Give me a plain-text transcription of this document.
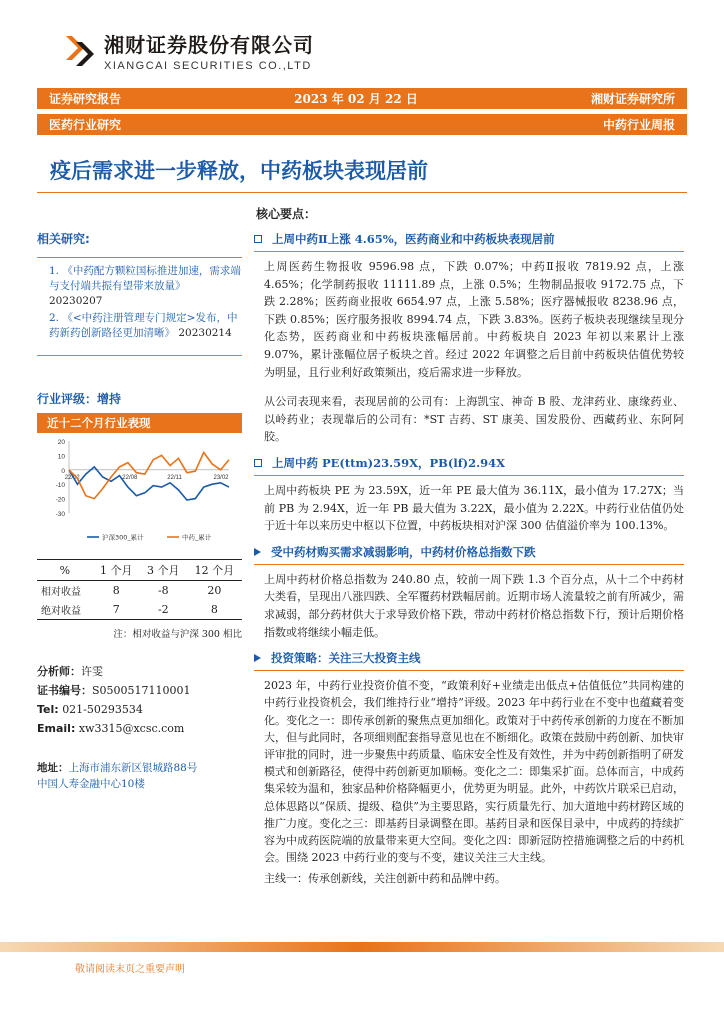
湘财证券股份有限公司
XIANGCAI SECURITIES CO.,LTD
证券研究报告	2023 年 02 月 22 日	湘财证券研究所
医药行业研究	中药行业周报
疫后需求进一步释放，中药板块表现居前
相关研究:
1. 《中药配方颗粒国标推进加速，需求端与支付端共振有望带来放量》 20230207
2. 《<中药注册管理专门规定>发布，中药新药创新路径更加清晰》 20230214
行业评级：增持
近十二个月行业表现
20
10
0
-10
-20
-30
22/02	22/08	22/11	23/02
沪深300_累计	中药_累计
%	1 个月	3 个月	12 个月
相对收益	8	-8	20
绝对收益	7	-2	8
注：相对收益与沪深 300 相比
分析师：许雯
证书编号：S0500517110001
Tel: 021-50293534
Email: xw3315@xcsc.com
地址：上海市浦东新区银城路88号
中国人寿金融中心10楼
核心要点：
上周中药Ⅱ上涨 4.65%，医药商业和中药板块表现居前
上周医药生物报收 9596.98 点，下跌 0.07%；中药Ⅱ报收 7819.92 点，上涨 4.65%；化学制药报收 11111.89 点，上涨 0.5%；生物制品报收 9172.75 点，下跌 2.28%；医药商业报收 6654.97 点，上涨 5.58%；医疗器械报收 8238.96 点，下跌 0.85%；医疗服务报收 8994.74 点，下跌 3.83%。医药子板块表现继续呈现分化态势，医药商业和中药板块涨幅居前。中药板块自 2023 年初以来累计上涨 9.07%，累计涨幅位居子板块之首。经过 2022 年调整之后目前中药板块估值优势较为明显，且行业利好政策频出，疫后需求进一步释放。
从公司表现来看，表现居前的公司有：上海凯宝、神奇 B 股、龙津药业、康缘药业、以岭药业；表现靠后的公司有：*ST 吉药、ST 康美、国发股份、西藏药业、东阿阿胶。
上周中药 PE(ttm)23.59X，PB(lf)2.94X
上周中药板块 PE 为 23.59X，近一年 PE 最大值为 36.11X，最小值为 17.27X；当前 PB 为 2.94X，近一年 PB 最大值为 3.22X，最小值为 2.22X。中药行业估值仍处于近十年以来历史中枢以下位置，中药板块相对沪深 300 估值溢价率为 100.13%。
受中药材购买需求减弱影响，中药材价格总指数下跌
上周中药材价格总指数为 240.80 点，较前一周下跌 1.3 个百分点，从十二个中药材大类看，呈现出八涨四跌、全军覆药材跌幅居前。近期市场人流量较之前有所减少，需求减弱，部分药材供大于求导致价格下跌，带动中药材价格总指数下行，预计后期价格指数或将继续小幅走低。
投资策略：关注三大投资主线
2023 年，中药行业投资价值不变，“政策利好+业绩走出低点+估值低位”共同构建的中药行业投资机会，我们维持行业“增持”评级。2023 年中药行业在不变中也蕴藏着变化。变化之一：即传承创新的聚焦点更加细化。政策对于中药传承创新的力度在不断加大，但与此同时，各项细则配套指导意见也在不断细化。政策在鼓励中药创新、加快审评审批的同时，进一步聚焦中药质量、临床安全性及有效性，并为中药创新指明了研发模式和创新路径，使得中药创新更加顺畅。变化之二：即集采扩面。总体而言，中成药集采较为温和，独家品种价格降幅更小，优势更为明显。此外，中药饮片联采已启动，总体思路以“保质、提级、稳供”为主要思路，实行质量先行、加大道地中药材跨区域的推广力度。变化之三：即基药目录调整在即。基药目录和医保目录中，中成药的持续扩容为中成药医院端的放量带来更大空间。变化之四：即新冠防控措施调整之后的中药机会。围绕 2023 中药行业的变与不变，建议关注三大主线。
主线一：传承创新线，关注创新中药和品牌中药。
敬请阅读末页之重要声明
